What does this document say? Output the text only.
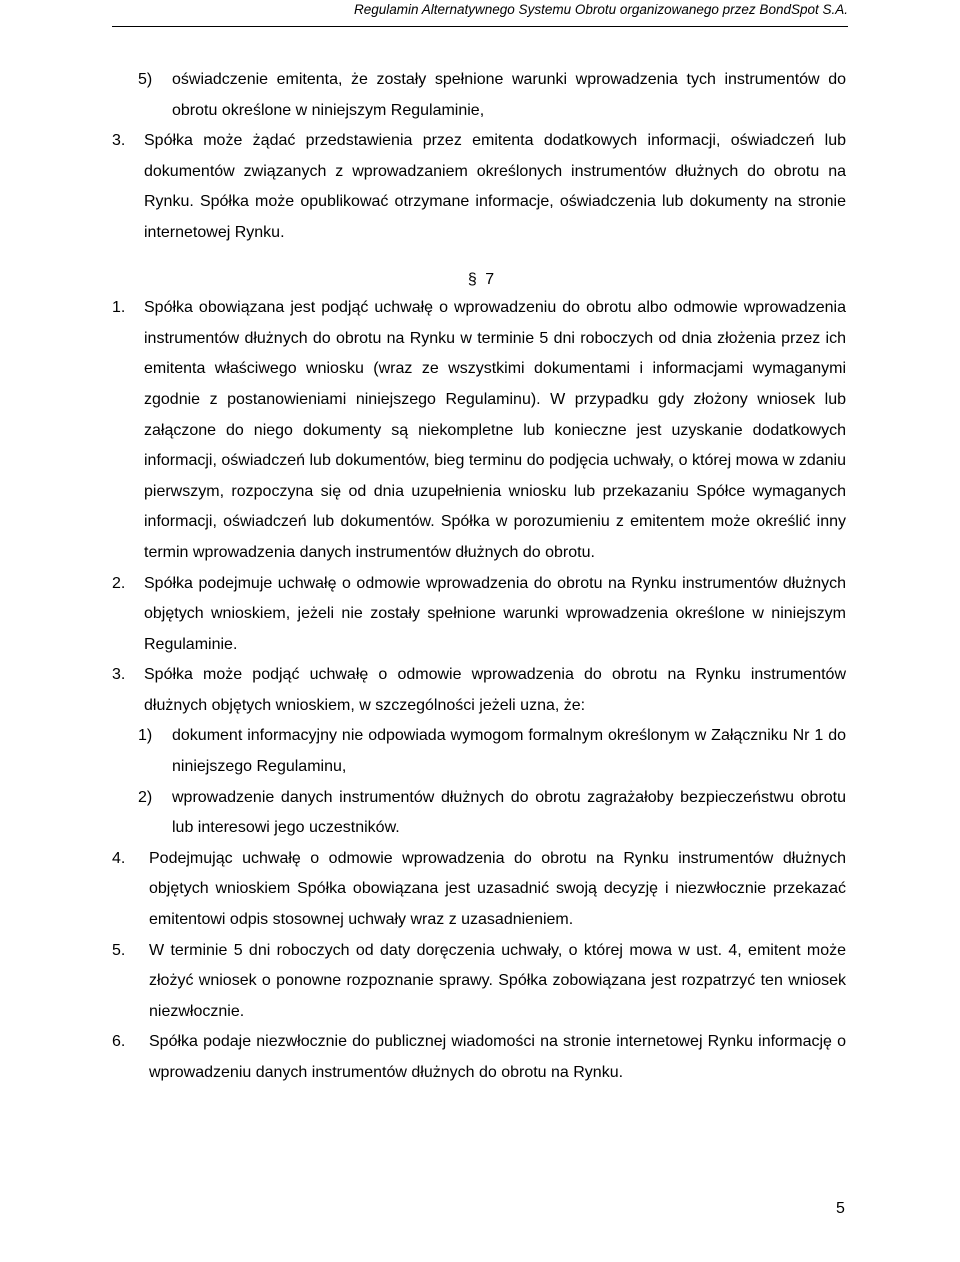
Regulamin Alternatywnego Systemu Obrotu organizowanego przez BondSpot S.A.
5) oświadczenie emitenta, że zostały spełnione warunki wprowadzenia tych instrumentów do obrotu określone w niniejszym Regulaminie,
3. Spółka może żądać przedstawienia przez emitenta dodatkowych informacji, oświadczeń lub dokumentów związanych z wprowadzaniem określonych instrumentów dłużnych do obrotu na Rynku. Spółka może opublikować otrzymane informacje, oświadczenia lub dokumenty na stronie internetowej Rynku.
§ 7
1. Spółka obowiązana jest podjąć uchwałę o wprowadzeniu do obrotu albo odmowie wprowadzenia instrumentów dłużnych do obrotu na Rynku w terminie 5 dni roboczych od dnia złożenia przez ich emitenta właściwego wniosku (wraz ze wszystkimi dokumentami i informacjami wymaganymi zgodnie z postanowieniami niniejszego Regulaminu). W przypadku gdy złożony wniosek lub załączone do niego dokumenty są niekompletne lub konieczne jest uzyskanie dodatkowych informacji, oświadczeń lub dokumentów, bieg terminu do podjęcia uchwały, o której mowa w zdaniu pierwszym, rozpoczyna się od dnia uzupełnienia wniosku lub przekazaniu Spółce wymaganych informacji, oświadczeń lub dokumentów. Spółka w porozumieniu z emitentem może określić inny termin wprowadzenia danych instrumentów dłużnych do obrotu.
2. Spółka podejmuje uchwałę o odmowie wprowadzenia do obrotu na Rynku instrumentów dłużnych objętych wnioskiem, jeżeli nie zostały spełnione warunki wprowadzenia określone w niniejszym Regulaminie.
3. Spółka może podjąć uchwałę o odmowie wprowadzenia do obrotu na Rynku instrumentów dłużnych objętych wnioskiem, w szczególności jeżeli uzna, że:
1) dokument informacyjny nie odpowiada wymogom formalnym określonym w Załączniku Nr 1 do niniejszego Regulaminu,
2) wprowadzenie danych instrumentów dłużnych do obrotu zagrażałoby bezpieczeństwu obrotu lub interesowi jego uczestników.
4. Podejmując uchwałę o odmowie wprowadzenia do obrotu na Rynku instrumentów dłużnych objętych wnioskiem Spółka obowiązana jest uzasadnić swoją decyzję i niezwłocznie przekazać emitentowi odpis stosownej uchwały wraz z uzasadnieniem.
5. W terminie 5 dni roboczych od daty doręczenia uchwały, o której mowa w ust. 4, emitent może złożyć wniosek o ponowne rozpoznanie sprawy. Spółka zobowiązana jest rozpatrzyć ten wniosek niezwłocznie.
6. Spółka podaje niezwłocznie do publicznej wiadomości na stronie internetowej Rynku informację o wprowadzeniu danych instrumentów dłużnych do obrotu na Rynku.
5
